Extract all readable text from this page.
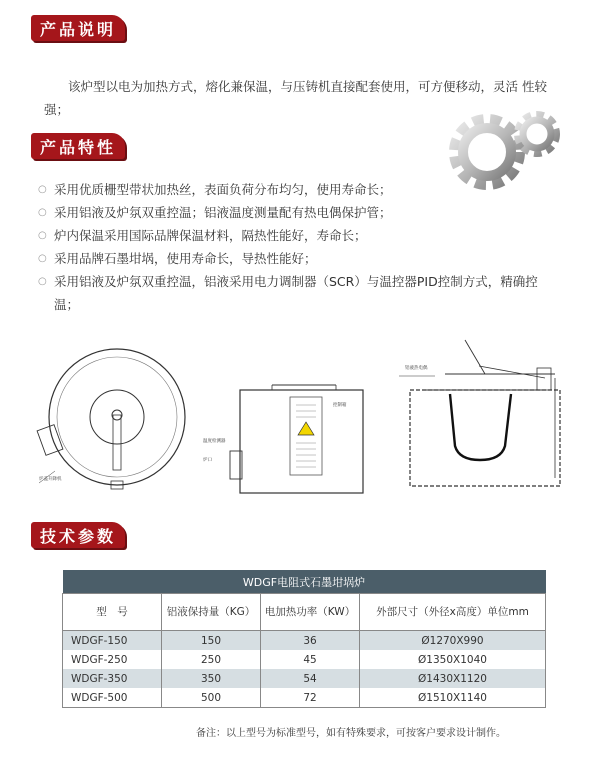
产品说明

该炉型以电为加热方式，熔化兼保温，与压铸机直接配套使用，可方便移动，灵活 性较强；

产品特性
○ 采用优质栅型带状加热丝，表面负荷分布均匀，使用寿命长；
○ 采用铝液及炉氛双重控温；铝液温度测量配有热电偶保护管；
○ 炉内保温采用国际品牌保温材料，隔热性能好，寿命长；
○ 采用品牌石墨坩埚，使用寿命长，导热性能好；
○ 采用铝液及炉氛双重控温，铝液采用电力调制器（SCR）与温控器PID控制方式，精确控温；
炉盖升降机
控制箱
温度检测器
炉口
铝液热电偶
技术参数
WDGF电阻式石墨坩埚炉			
型　号	铝液保持量（KG）	电加热功率（KW）	外部尺寸（外径x高度）单位mm
WDGF-150	150	36	Ø1270X990
WDGF-250	250	45	Ø1350X1040
WDGF-350	350	54	Ø1430X1120
WDGF-500	500	72	Ø1510X1140
备注：以上型号为标准型号，如有特殊要求，可按客户要求设计制作。
